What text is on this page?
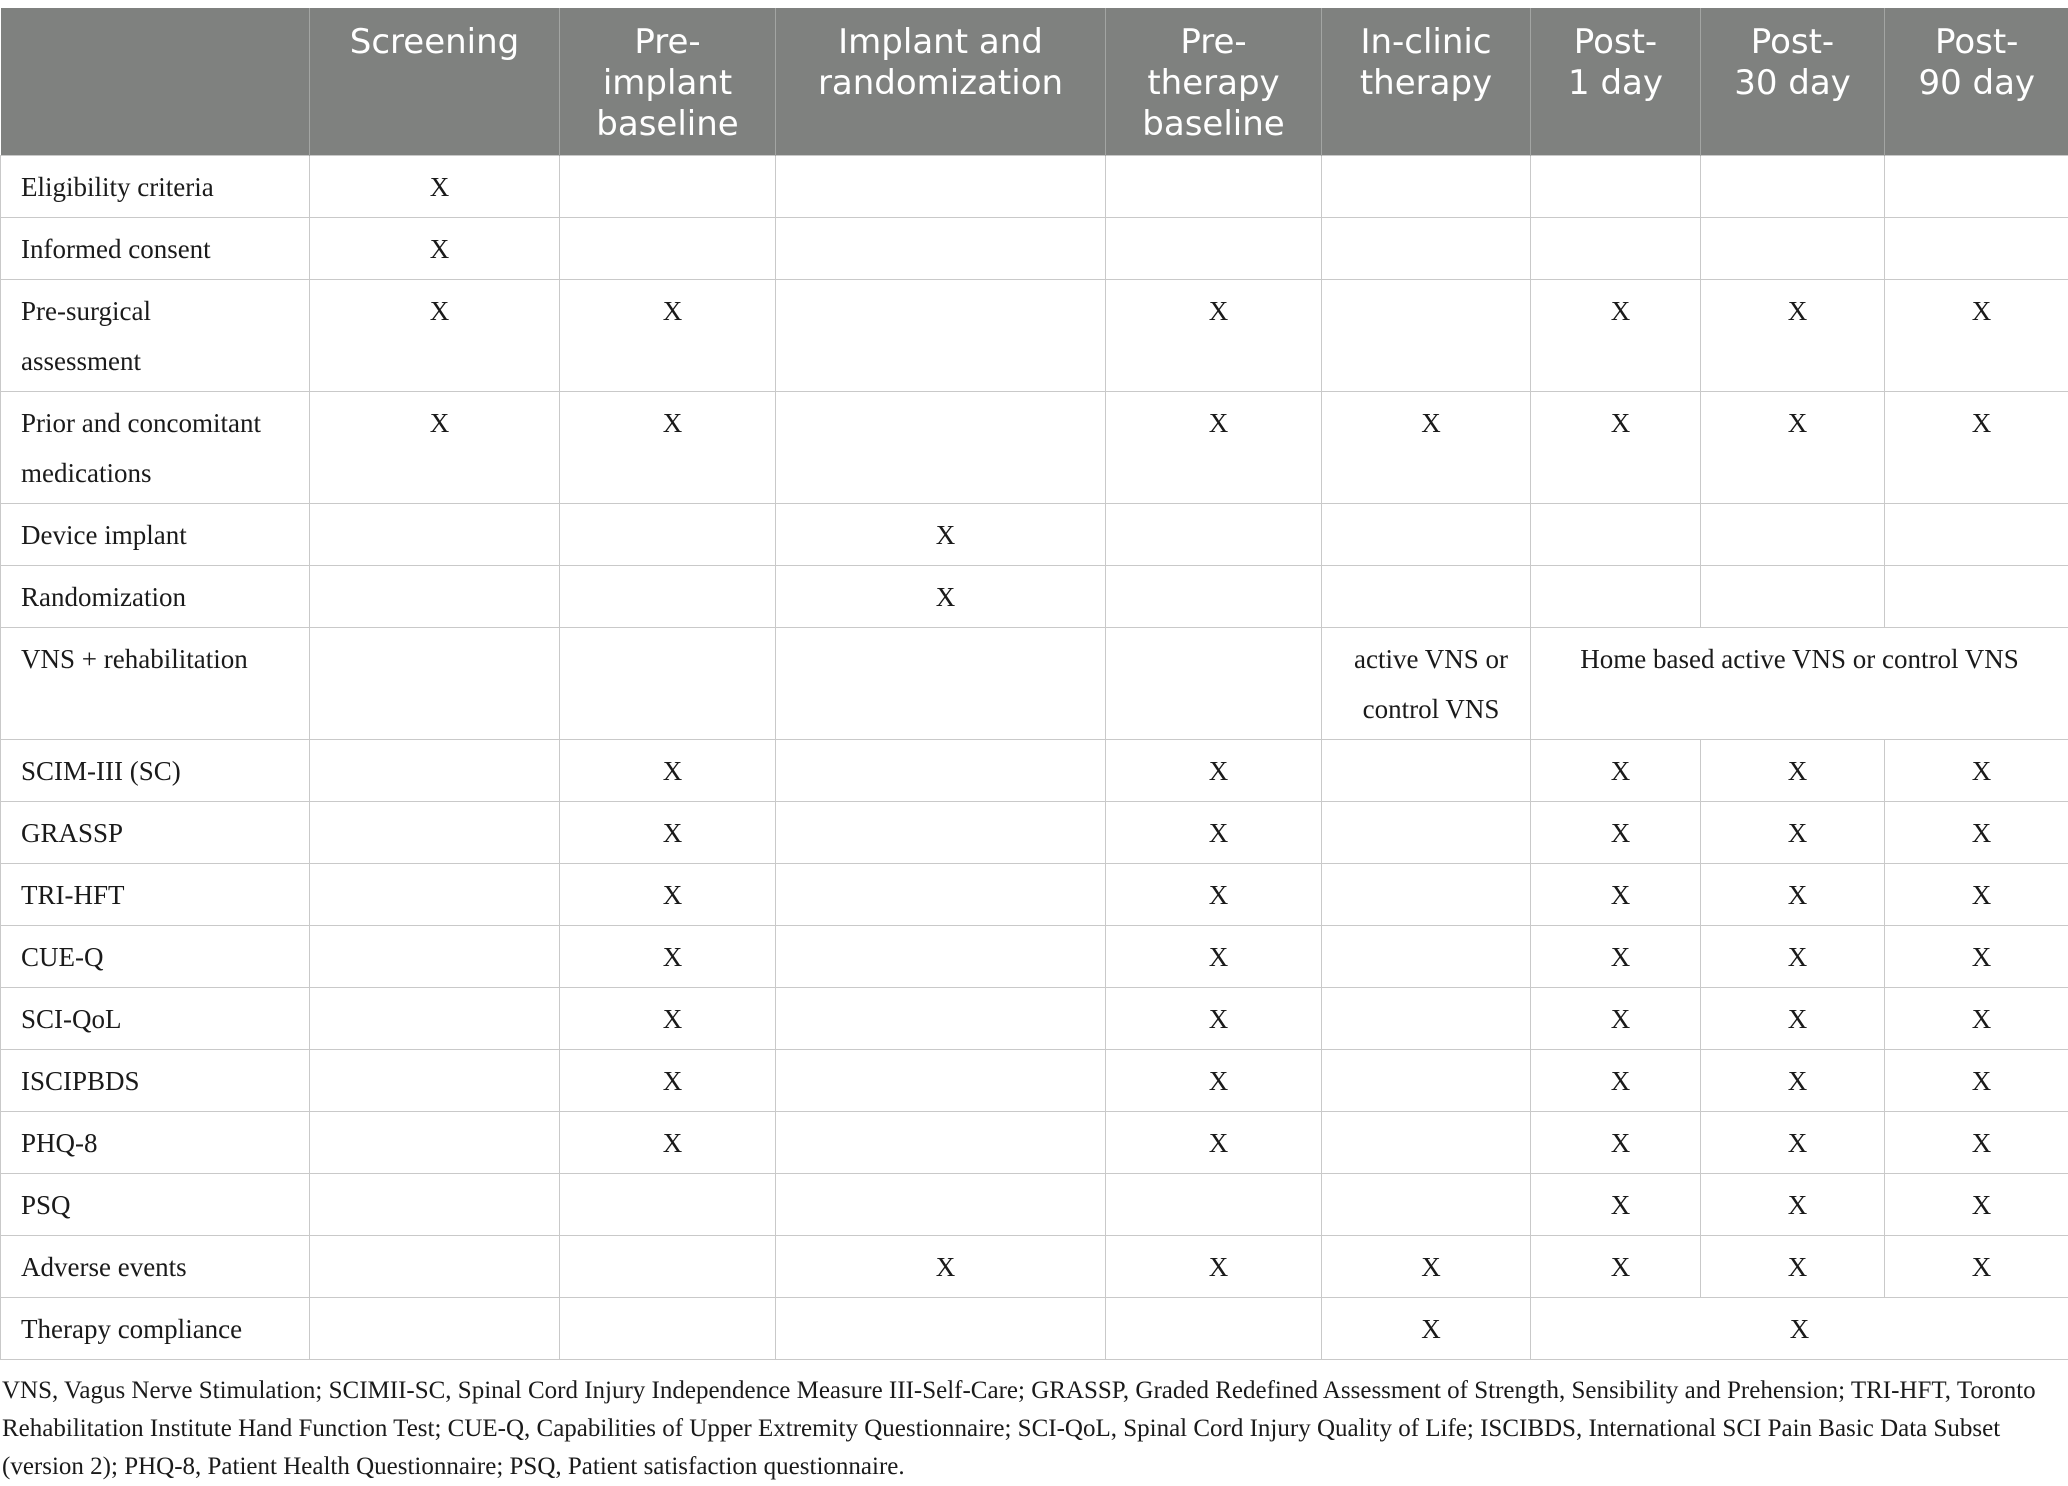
	Screening	Pre-
implant
baseline	Implant and
randomization	Pre-
therapy
baseline	In-clinic
therapy	Post-
1 day	Post-
30 day	Post-
90 day
Eligibility criteria	X							
Informed consent	X							
Pre-surgical
assessment	X	X		X		X	X	X
Prior and concomitant
medications	X	X		X	X	X	X	X
Device implant			X					
Randomization			X					
VNS + rehabilitation					active VNS or
control VNS	Home based active VNS or control VNS		
SCIM-III (SC)		X		X		X	X	X
GRASSP		X		X		X	X	X
TRI-HFT		X		X		X	X	X
CUE-Q		X		X		X	X	X
SCI-QoL		X		X		X	X	X
ISCIPBDS		X		X		X	X	X
PHQ-8		X		X		X	X	X
PSQ						X	X	X
Adverse events			X	X	X	X	X	X
Therapy compliance					X	X		
VNS, Vagus Nerve Stimulation; SCIMII-SC, Spinal Cord Injury Independence Measure III-Self-Care; GRASSP, Graded Redefined Assessment of Strength, Sensibility and Prehension; TRI-HFT, Toronto Rehabilitation Institute Hand Function Test; CUE-Q, Capabilities of Upper Extremity Questionnaire; SCI-QoL, Spinal Cord Injury Quality of Life; ISCIBDS, International SCI Pain Basic Data Subset (version 2); PHQ-8, Patient Health Questionnaire; PSQ, Patient satisfaction questionnaire.
